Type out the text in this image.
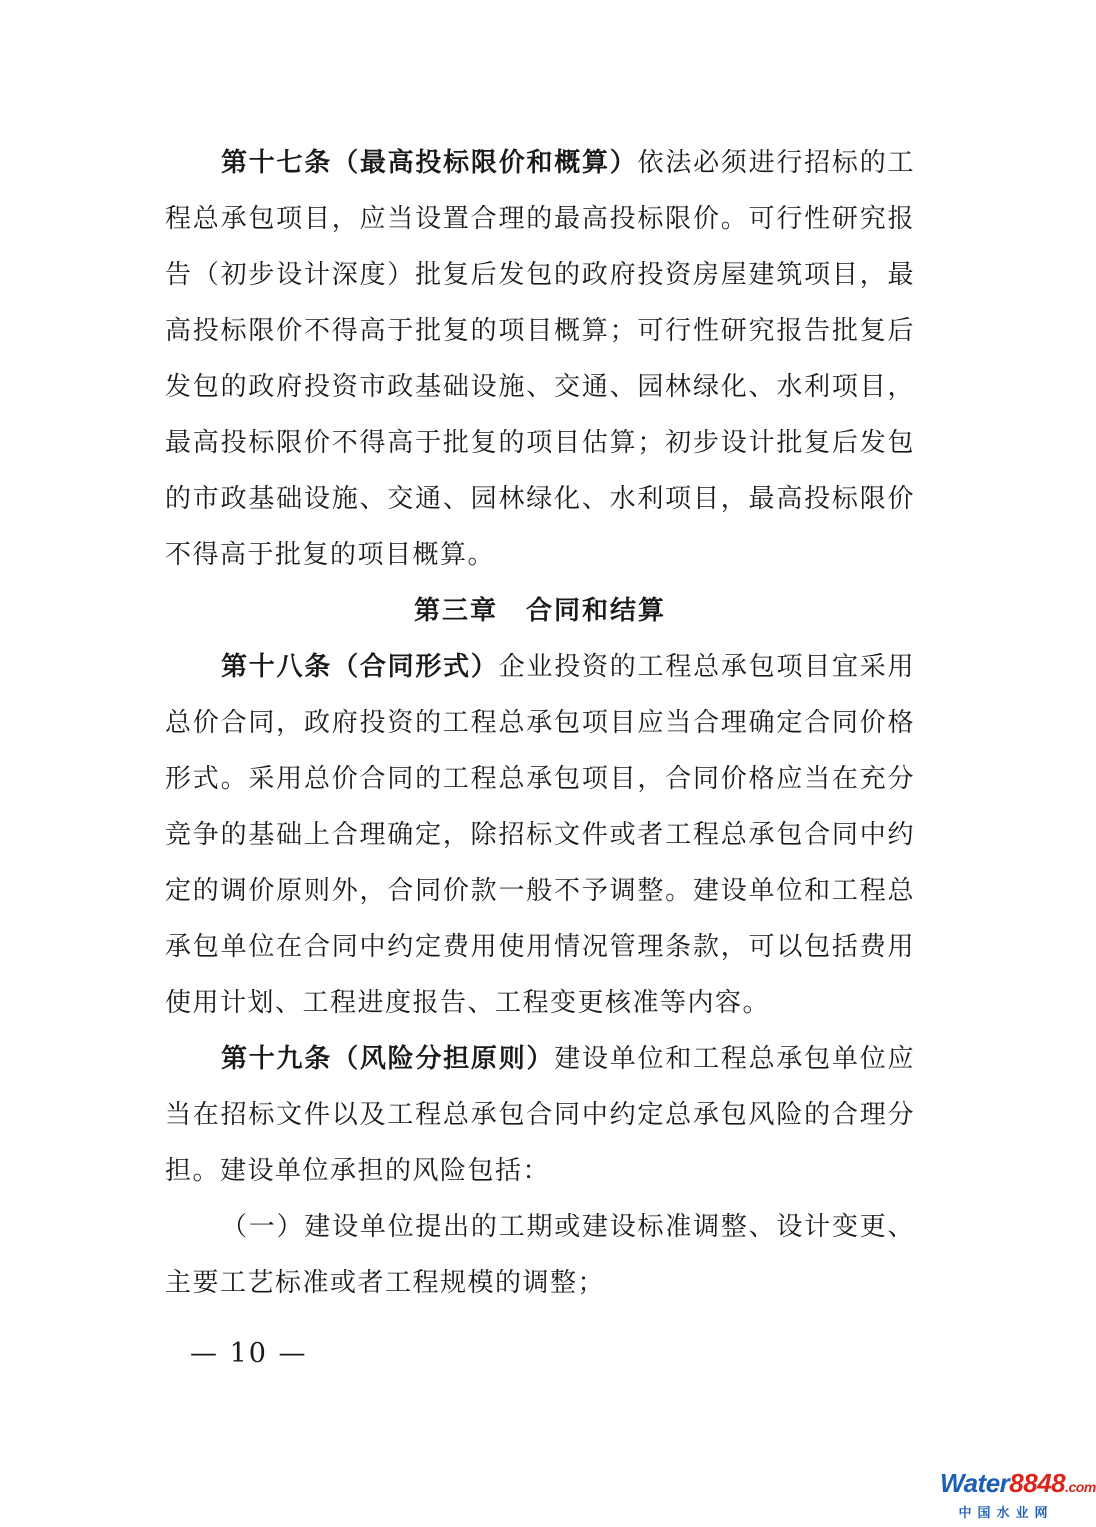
第十七条（最高投标限价和概算）依法必须进行招标的工程总承包项目，应当设置合理的最高投标限价。可行性研究报告（初步设计深度）批复后发包的政府投资房屋建筑项目，最高投标限价不得高于批复的项目概算；可行性研究报告批复后发包的政府投资市政基础设施、交通、园林绿化、水利项目，最高投标限价不得高于批复的项目估算；初步设计批复后发包的市政基础设施、交通、园林绿化、水利项目，最高投标限价不得高于批复的项目概算。

第三章　合同和结算

第十八条（合同形式）企业投资的工程总承包项目宜采用总价合同，政府投资的工程总承包项目应当合理确定合同价格形式。采用总价合同的工程总承包项目，合同价格应当在充分竞争的基础上合理确定，除招标文件或者工程总承包合同中约定的调价原则外，合同价款一般不予调整。建设单位和工程总承包单位在合同中约定费用使用情况管理条款，可以包括费用使用计划、工程进度报告、工程变更核准等内容。

第十九条（风险分担原则）建设单位和工程总承包单位应当在招标文件以及工程总承包合同中约定总承包风险的合理分担。建设单位承担的风险包括：

（一）建设单位提出的工期或建设标准调整、设计变更、主要工艺标准或者工程规模的调整；

— 10 —
Water8848.com
中国水业网
